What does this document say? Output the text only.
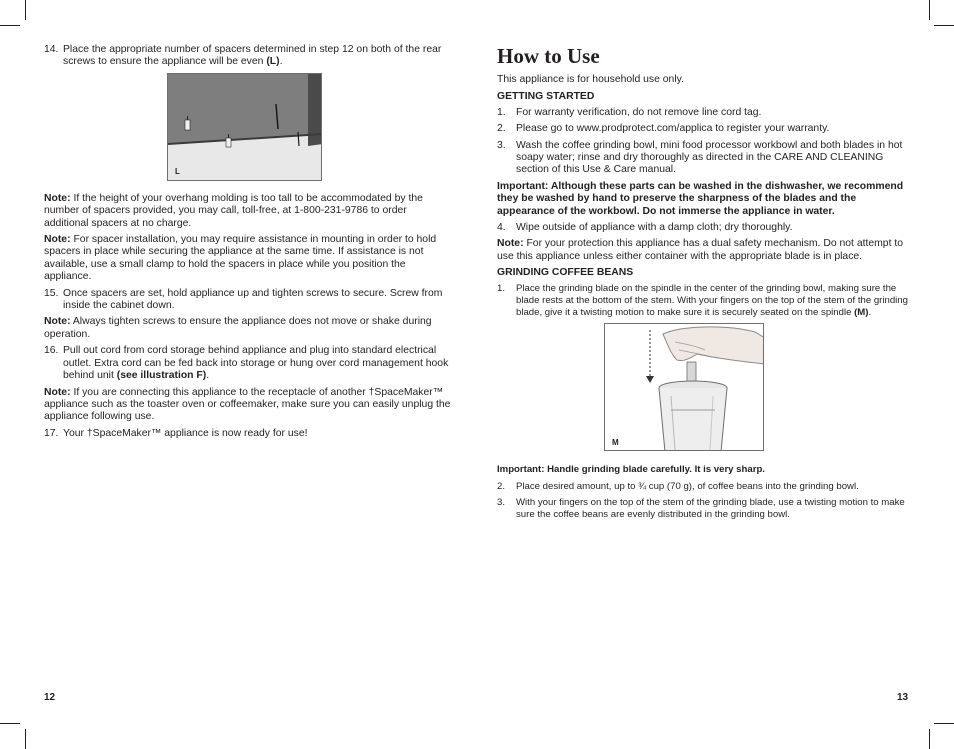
14. Place the appropriate number of spacers determined in step 12 on both of the rear screws to ensure the appliance will be even (L).
L

Note: If the height of your overhang molding is too tall to be accommodated by the number of spacers provided, you may call, toll-free, at 1-800-231-9786 to order additional spacers at no charge.

Note: For spacer installation, you may require assistance in mounting in order to hold spacers in place while securing the appliance at the same time. If assistance is not available, use a small clamp to hold the spacers in place while you position the appliance.

15. Once spacers are set, hold appliance up and tighten screws to secure. Screw from inside the cabinet down.

Note: Always tighten screws to ensure the appliance does not move or shake during operation.

16. Pull out cord from cord storage behind appliance and plug into standard electrical outlet. Extra cord can be fed back into storage or hung over cord management hook behind unit (see illustration F).

Note: If you are connecting this appliance to the receptacle of another †SpaceMaker™ appliance such as the toaster oven or coffeemaker, make sure you can easily unplug the appliance following use.

17. Your †SpaceMaker™ appliance is now ready for use!
12
How to Use

This appliance is for household use only.

GETTING STARTED
1. For warranty verification, do not remove line cord tag.
2. Please go to www.prodprotect.com/applica to register your warranty.
3. Wash the coffee grinding bowl, mini food processor workbowl and both blades in hot soapy water; rinse and dry thoroughly as directed in the CARE AND CLEANING section of this Use & Care manual.

Important: Although these parts can be washed in the dishwasher, we recommend they be washed by hand to preserve the sharpness of the blades and the appearance of the workbowl. Do not immerse the appliance in water.

4. Wipe outside of appliance with a damp cloth; dry thoroughly.

Note: For your protection this appliance has a dual safety mechanism. Do not attempt to use this appliance unless either container with the appropriate blade is in place.

GRINDING COFFEE BEANS
1. Place the grinding blade on the spindle in the center of the grinding bowl, making sure the blade rests at the bottom of the stem. With your fingers on the top of the stem of the grinding blade, give it a twisting motion to make sure it is securely seated on the spindle (M).
M

Important: Handle grinding blade carefully. It is very sharp.

2. Place desired amount, up to ¾ cup (70 g), of coffee beans into the grinding bowl.
3. With your fingers on the top of the stem of the grinding blade, use a twisting motion to make sure the coffee beans are evenly distributed in the grinding bowl.
13
